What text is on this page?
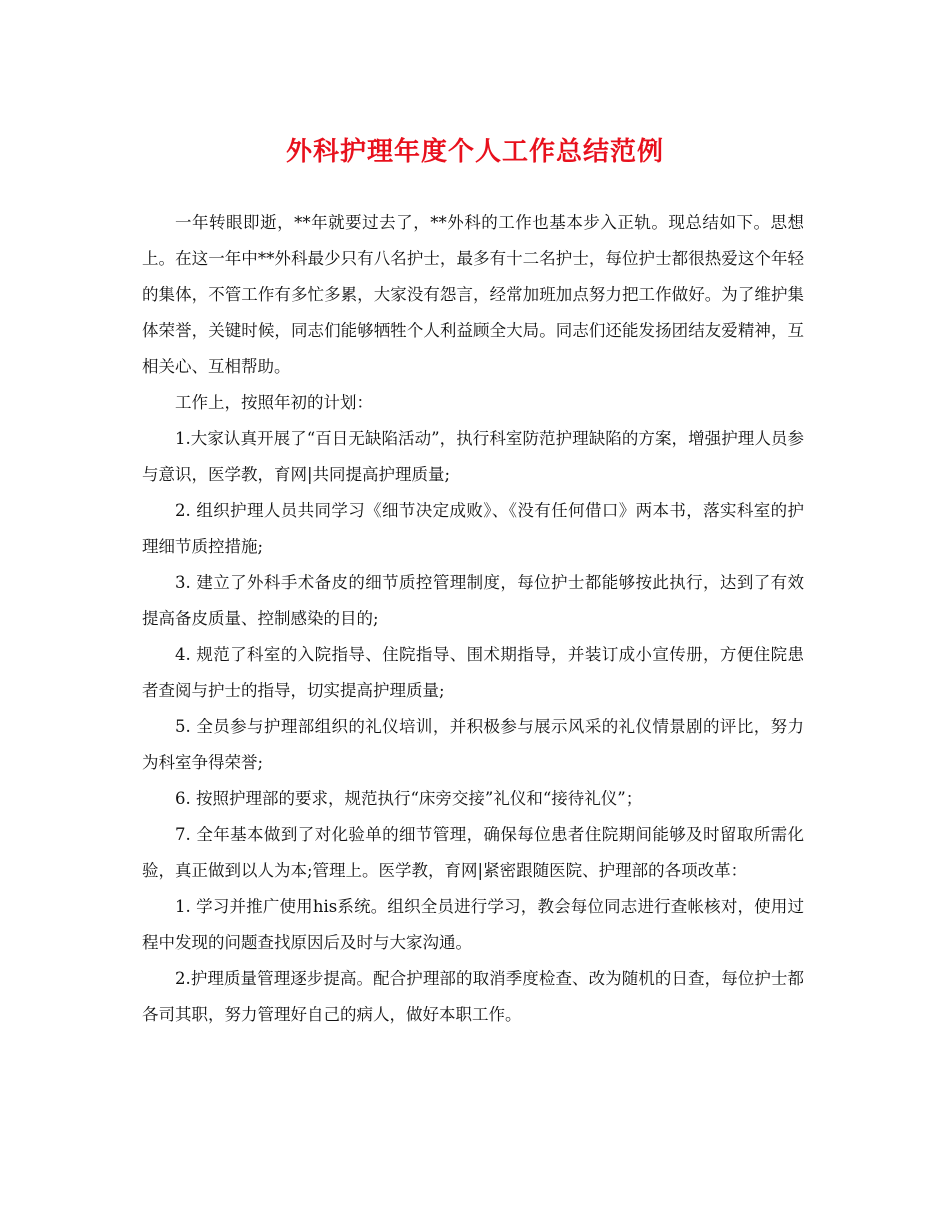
外科护理年度个人工作总结范例

一年转眼即逝，**年就要过去了，**外科的工作也基本步入正轨。现总结如下。思想上。在这一年中**外科最少只有八名护士，最多有十二名护士，每位护士都很热爱这个年轻的集体，不管工作有多忙多累，大家没有怨言，经常加班加点努力把工作做好。为了维护集体荣誉，关键时候，同志们能够牺牲个人利益顾全大局。同志们还能发扬团结友爱精神，互相关心、互相帮助。

工作上，按照年初的计划：

1.大家认真开展了“百日无缺陷活动”，执行科室防范护理缺陷的方案，增强护理人员参与意识，医学教，育网|共同提高护理质量;

2. 组织护理人员共同学习《细节决定成败》、《没有任何借口》两本书，落实科室的护理细节质控措施;

3. 建立了外科手术备皮的细节质控管理制度，每位护士都能够按此执行，达到了有效提高备皮质量、控制感染的目的;

4. 规范了科室的入院指导、住院指导、围术期指导，并装订成小宣传册，方便住院患者查阅与护士的指导，切实提高护理质量;

5. 全员参与护理部组织的礼仪培训，并积极参与展示风采的礼仪情景剧的评比，努力为科室争得荣誉;

6. 按照护理部的要求，规范执行“床旁交接”礼仪和“接待礼仪”；

7. 全年基本做到了对化验单的细节管理，确保每位患者住院期间能够及时留取所需化验，真正做到以人为本;管理上。医学教，育网|紧密跟随医院、护理部的各项改革：

1. 学习并推广使用his系统。组织全员进行学习，教会每位同志进行查帐核对，使用过程中发现的问题查找原因后及时与大家沟通。

2.护理质量管理逐步提高。配合护理部的取消季度检查、改为随机的日查，每位护士都各司其职，努力管理好自己的病人，做好本职工作。
